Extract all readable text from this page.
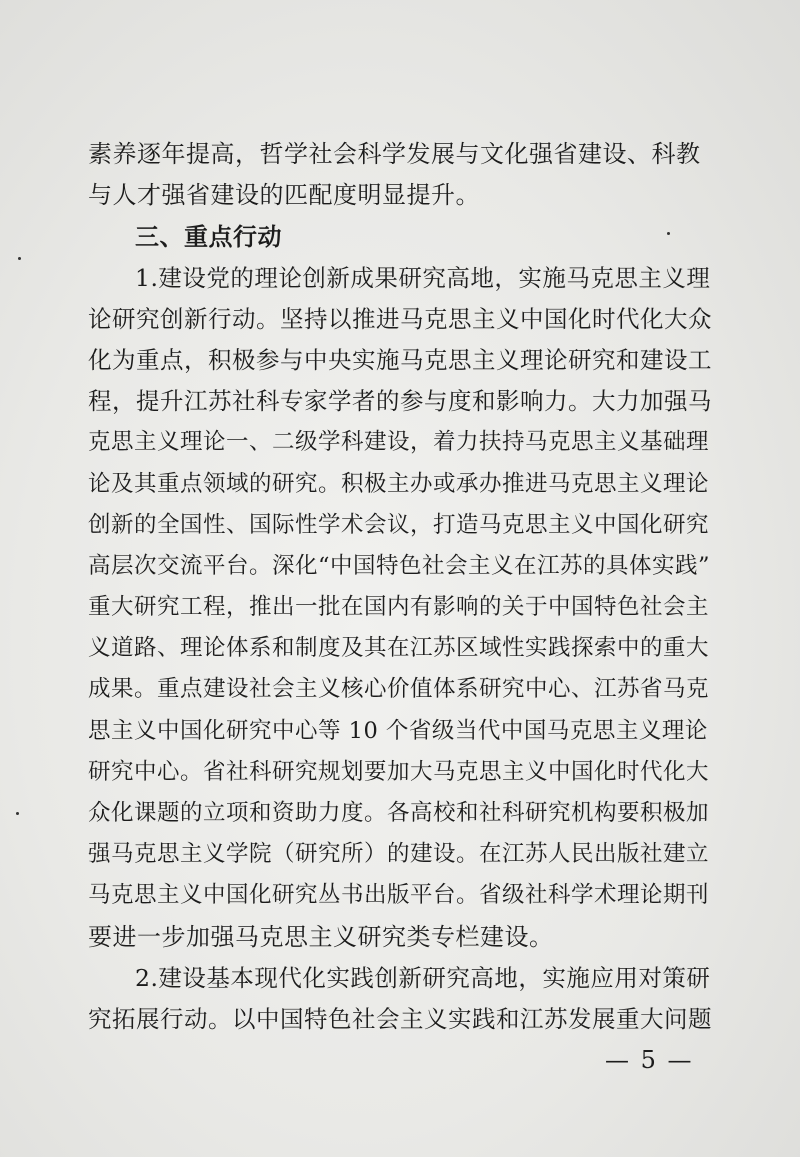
素养逐年提高，哲学社会科学发展与文化强省建设、科教
与人才强省建设的匹配度明显提升。
三、重点行动
1.建设党的理论创新成果研究高地，实施马克思主义理
论研究创新行动。坚持以推进马克思主义中国化时代化大众
化为重点，积极参与中央实施马克思主义理论研究和建设工
程，提升江苏社科专家学者的参与度和影响力。大力加强马
克思主义理论一、二级学科建设，着力扶持马克思主义基础理
论及其重点领域的研究。积极主办或承办推进马克思主义理论
创新的全国性、国际性学术会议，打造马克思主义中国化研究
高层次交流平台。深化“中国特色社会主义在江苏的具体实践”
重大研究工程，推出一批在国内有影响的关于中国特色社会主
义道路、理论体系和制度及其在江苏区域性实践探索中的重大
成果。重点建设社会主义核心价值体系研究中心、江苏省马克
思主义中国化研究中心等 10 个省级当代中国马克思主义理论
研究中心。省社科研究规划要加大马克思主义中国化时代化大
众化课题的立项和资助力度。各高校和社科研究机构要积极加
强马克思主义学院（研究所）的建设。在江苏人民出版社建立
马克思主义中国化研究丛书出版平台。省级社科学术理论期刊
要进一步加强马克思主义研究类专栏建设。
2.建设基本现代化实践创新研究高地，实施应用对策研
究拓展行动。以中国特色社会主义实践和江苏发展重大问题
— 5 —
